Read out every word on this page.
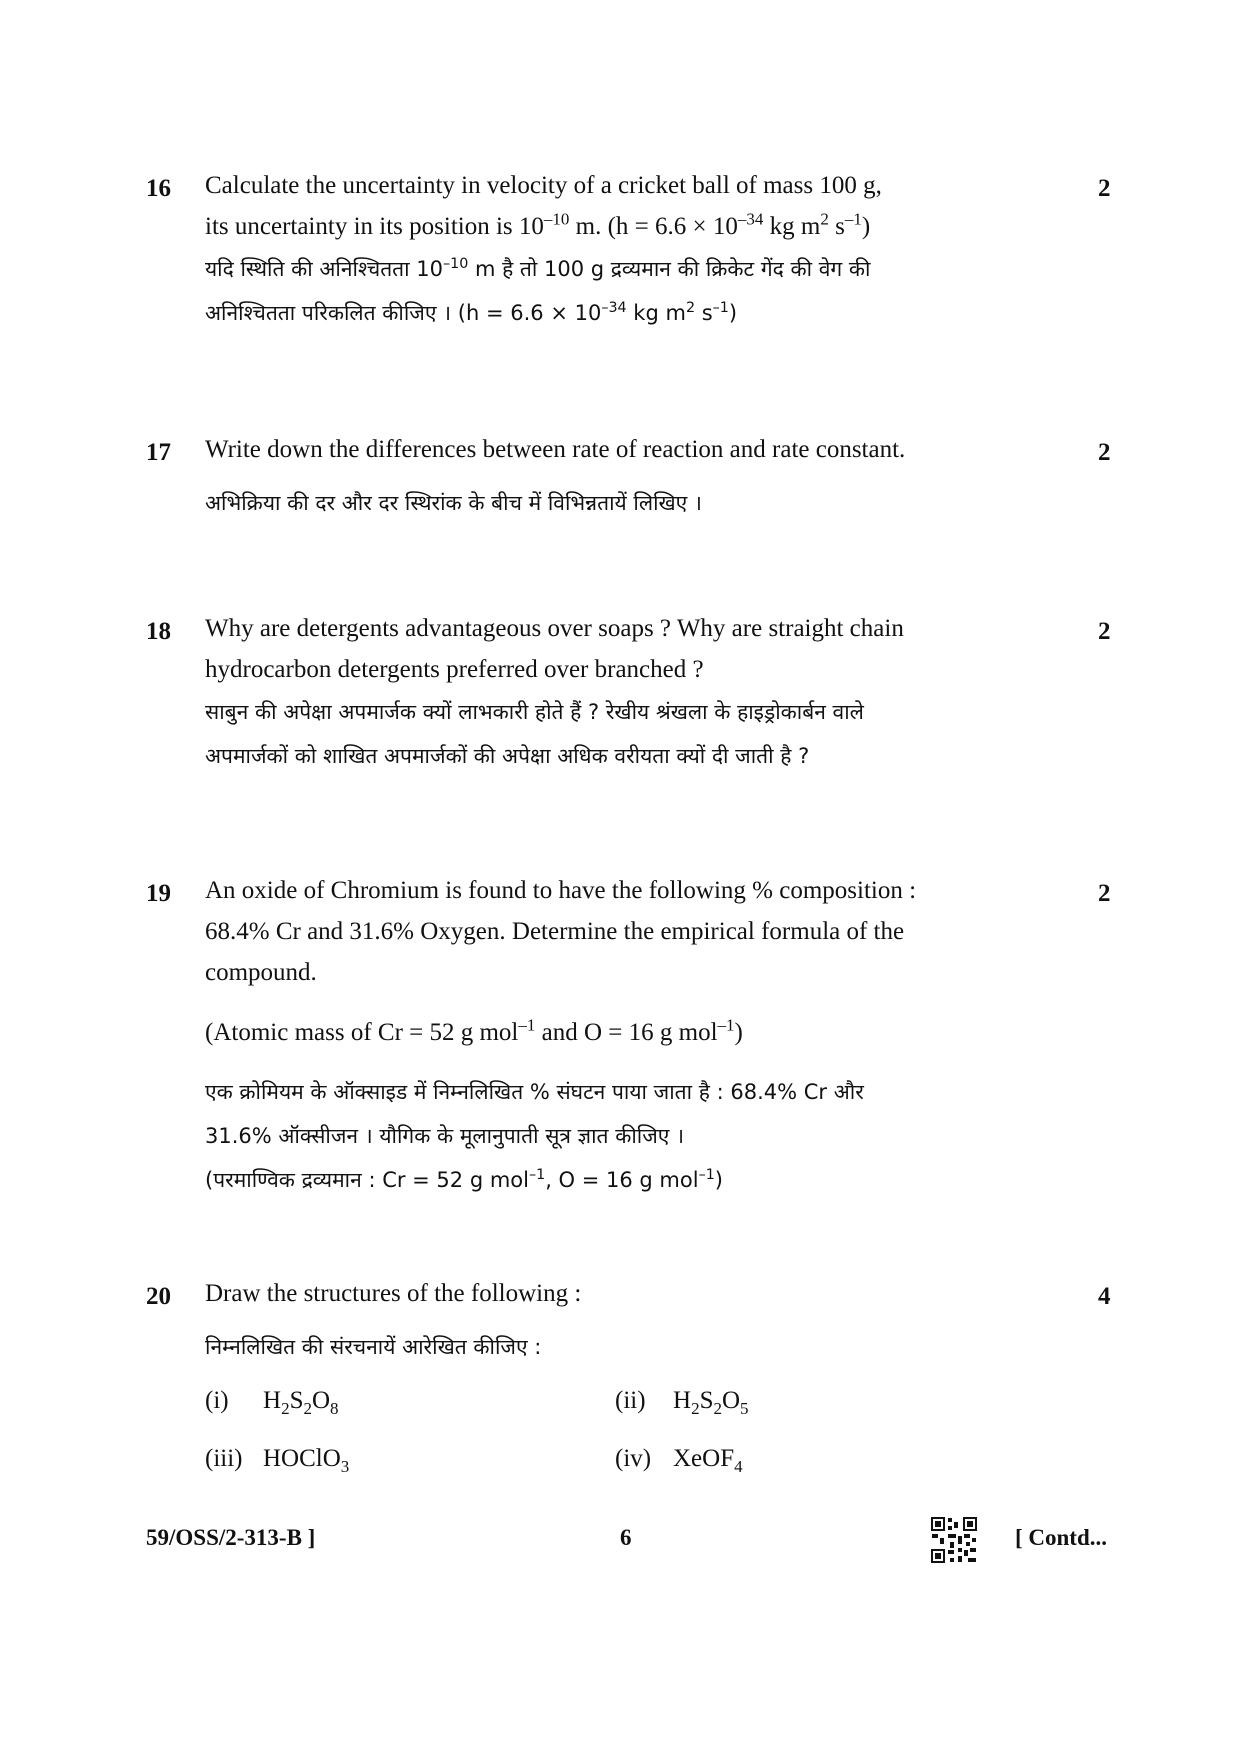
16	2
Calculate the uncertainty in velocity of a cricket ball of mass 100 g,
its uncertainty in its position is $10^{-10}$ m. ($h = 6.6 \times 10^{-34}$ kg $m^2$ $s^{-1}$)
यदि स्थिति की अनिश्चितता $10^{-10}$ m है तो 100 g द्रव्यमान की क्रिकेट गेंद की वेग की
अनिश्चितता परिकलित कीजिए । ($h = 6.6 \times 10^{-34}$ kg $m^2$ $s^{-1}$)
17	2
Write down the differences between rate of reaction and rate constant.
अभिक्रिया की दर और दर स्थिरांक के बीच में विभिन्नतायें लिखिए ।
18	2
Why are detergents advantageous over soaps ? Why are straight chain
hydrocarbon detergents preferred over branched ?
साबुन की अपेक्षा अपमार्जक क्यों लाभकारी होते हैं ? रेखीय श्रंखला के हाइड्रोकार्बन वाले
अपमार्जकों को शाखित अपमार्जकों की अपेक्षा अधिक वरीयता क्यों दी जाती है ?
19	2
An oxide of Chromium is found to have the following % composition :
68.4% Cr and 31.6% Oxygen. Determine the empirical formula of the
compound.
(Atomic mass of Cr = 52 g mol$^{-1}$ and O = 16 g mol$^{-1}$)
एक क्रोमियम के ऑक्साइड में निम्नलिखित % संघटन पाया जाता है : 68.4% Cr और
31.6% ऑक्सीजन । यौगिक के मूलानुपाती सूत्र ज्ञात कीजिए ।
(परमाण्विक द्रव्यमान : Cr = 52 g mol$^{-1}$, O = 16 g mol$^{-1}$)
20	4
Draw the structures of the following :
निम्नलिखित की संरचनायें आरेखित कीजिए :
(i) $H_2S_2O_8$	(ii) $H_2S_2O_5$
(iii) HOClO$_3$	(iv) XeOF$_4$
59/OSS/2-313-B ]	6	[ Contd...
